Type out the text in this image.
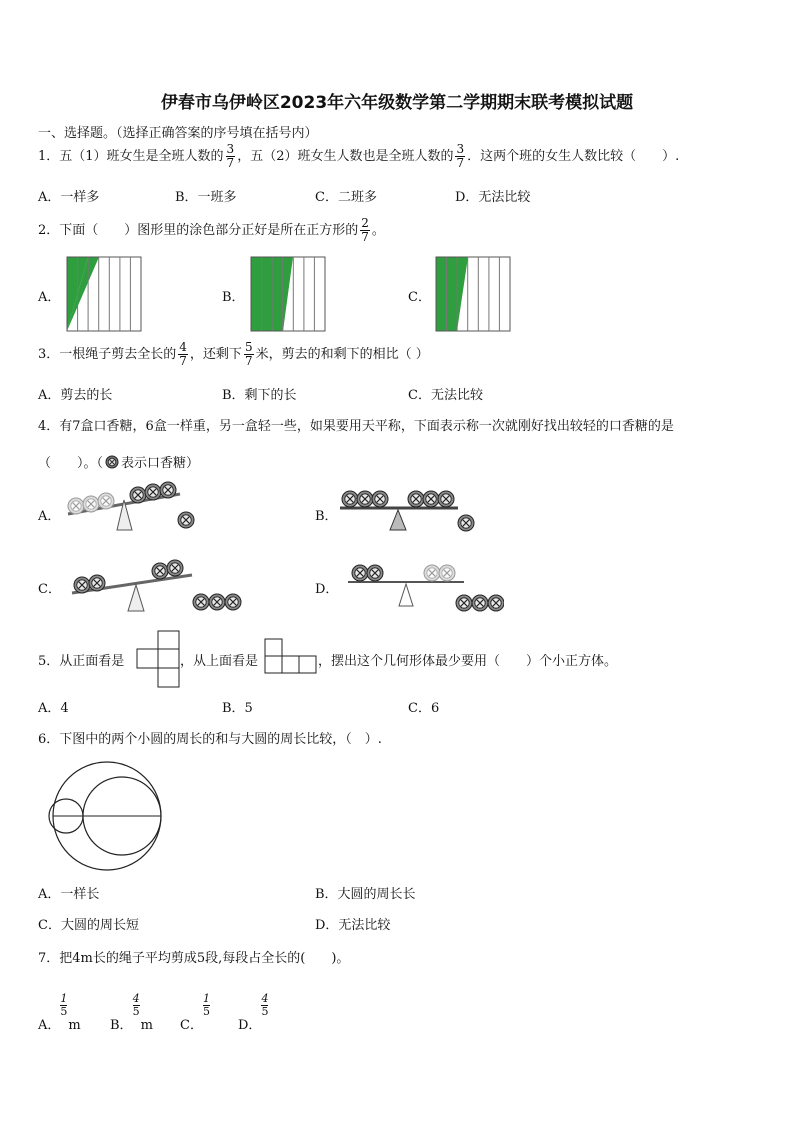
伊春市乌伊岭区2023年六年级数学第二学期期末联考模拟试题
一、选择题。（选择正确答案的序号填在括号内）
1．五（1）班女生是全班人数的 $\frac{3}{7}$ ，五（2）班女生人数也是全班人数的 $\frac{3}{7}$ ．这两个班的女生人数比较（　　）.
A．一样多	B．一班多	C．二班多	D．无法比较
2．下面（　　）图形里的涂色部分正好是所在正方形的 $\frac{2}{7}$ 。
A．	B．	C．
3．一根绳子剪去全长的 $\frac{4}{7}$ ，还剩下 $\frac{5}{7}$ 米，剪去的和剩下的相比（ ）
A．剪去的长	B．剩下的长	C．无法比较
4．有7盒口香糖，6盒一样重，另一盒轻一些，如果要用天平称，下面表示称一次就刚好找出较轻的口香糖的是
（　　）。（ 表示口香糖）
A．	B．
C．	D．
5．从正面看是	，从上面看是	，摆出这个几何形体最少要用（　　）个小正方体。
A．4	B．5	C．6
6．下图中的两个小圆的周长的和与大圆的周长比较，（　）.
A．一样长	B．大圆的周长长
C．大圆的周长短	D．无法比较
7．把4m长的绳子平均剪成5段,每段占全长的(　　)。
A．
$\frac{1}{5}$
m B．
$\frac{4}{5}$
m C．
$\frac{1}{5}$
D．
$\frac{4}{5}$
